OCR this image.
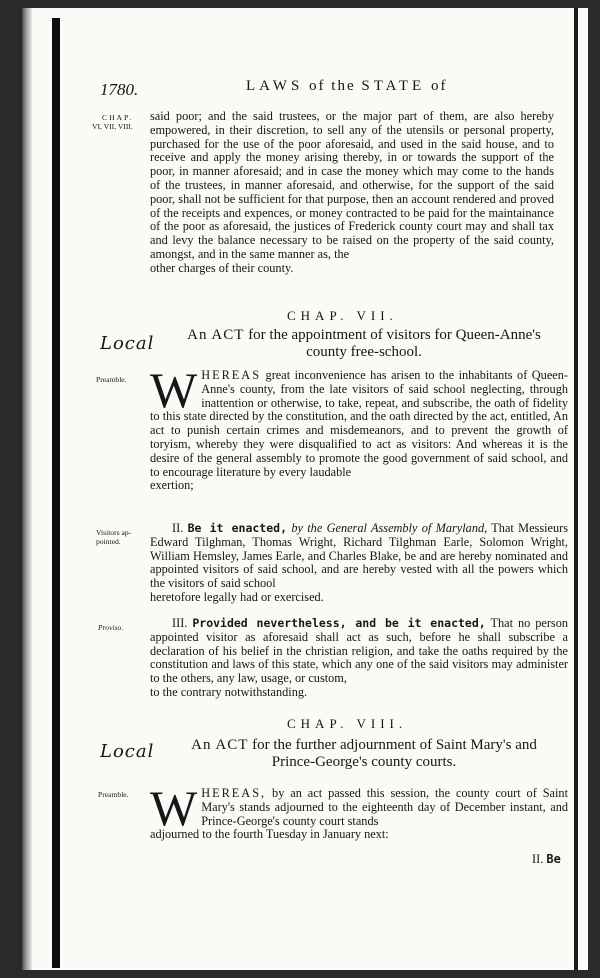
1780.	LAWS of the STATE of
CHAP.
VI, VII, VIII.
Preamble.
Visitors ap-
pointed.
Proviso.
Preamble.
said poor; and the said trustees, or the major part of them, are also hereby empowered, in their discretion, to sell any of the utensils or personal property, purchased for the use of the poor aforesaid, and used in the said house, and to receive and apply the money arising thereby, in or towards the support of the poor, in manner aforesaid; and in case the money which may come to the hands of the trustees, in manner aforesaid, and otherwise, for the support of the said poor, shall not be sufficient for that purpose, then an account rendered and proved of the receipts and expences, or money contracted to be paid for the maintainance of the poor as aforesaid, the justices of Frederick county court may and shall tax and levy the balance necessary to be raised on the property of the said county, amongst, and in the same manner as, the
other charges of their county.
CHAP. VII.
Local	An ACT for the appointment of visitors for Queen-Anne's
county free-school.
W HEREAS great inconvenience has arisen to the inhabitants of Queen-Anne's county, from the late visitors of said school neglecting, through inattention or otherwise, to take, repeat, and subscribe, the oath of fidelity to this state directed by the constitution, and the oath directed by the act, entitled, An act to punish certain crimes and misdemeanors, and to prevent the growth of toryism, whereby they were disqualified to act as visitors: And whereas it is the desire of the general assembly to promote the good government of said school, and to encourage literature by every laudable
exertion;
II. Be it enacted, by the General Assembly of Maryland, That Messieurs Edward Tilghman, Thomas Wright, Richard Tilghman Earle, Solomon Wright, William Hemsley, James Earle, and Charles Blake, be and are hereby nominated and appointed visitors of said school, and are hereby vested with all the powers which the visitors of said school
heretofore legally had or exercised.
III. Provided nevertheless, and be it enacted, That no person appointed visitor as aforesaid shall act as such, before he shall subscribe a declaration of his belief in the christian religion, and take the oaths required by the constitution and laws of this state, which any one of the said visitors may administer to the others, any law, usage, or custom,
to the contrary notwithstanding.
CHAP. VIII.
Local	An ACT for the further adjournment of Saint Mary's and
Prince-George's county courts.
W HEREAS, by an act passed this session, the county court of Saint Mary's stands adjourned to the eighteenth day of December instant, and Prince-George's county court stands
adjourned to the fourth Tuesday in January next:
II. Be
